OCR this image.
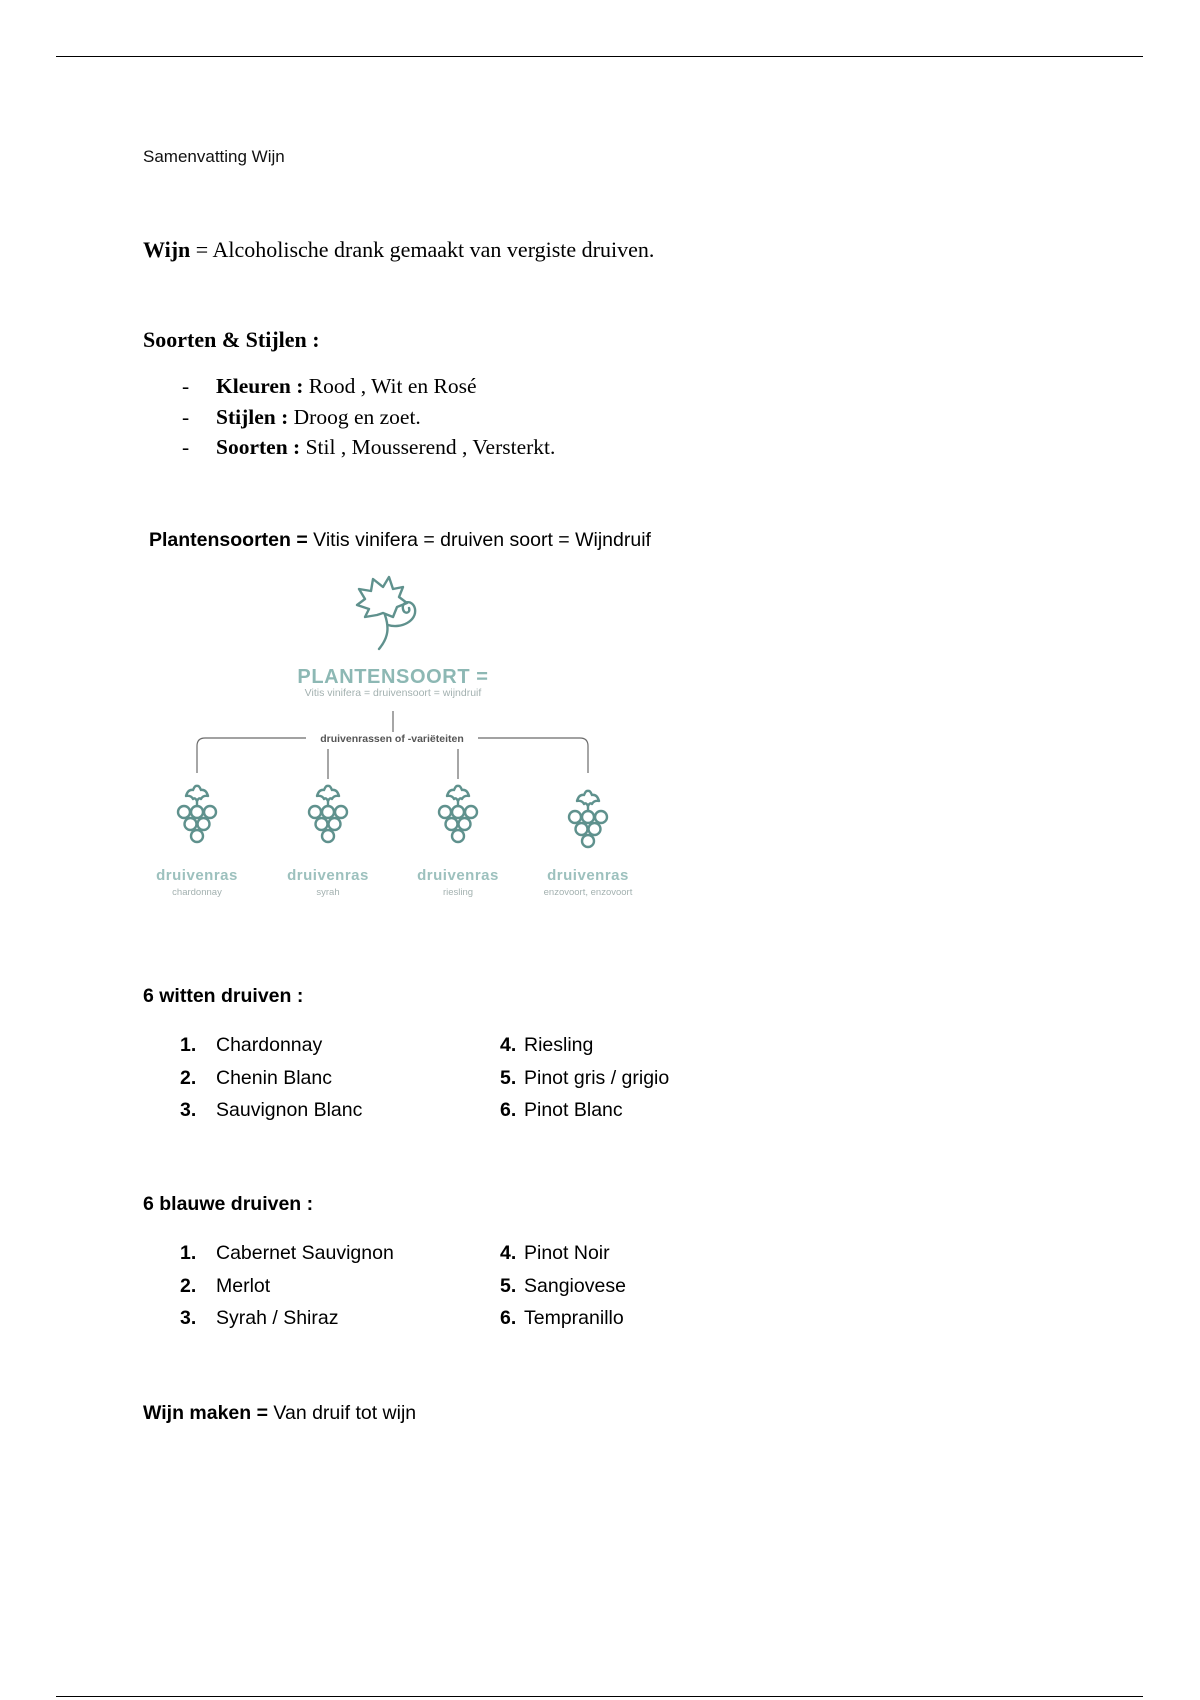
Samenvatting Wijn
Wijn = Alcoholische drank gemaakt van vergiste druiven.
Soorten & Stijlen :
- Kleuren : Rood , Wit en Rosé
- Stijlen : Droog en zoet.
- Soorten : Stil , Mousserend , Versterkt.
Plantensoorten = Vitis vinifera = druiven soort = Wijndruif
PLANTENSOORT =
Vitis vinifera = druivensoort = wijndruif
druivenrassen of -variëteiten
druivenras	druivenras	druivenras	druivenras
chardonnay	syrah	riesling	enzovoort, enzovoort
6 witten druiven :
1. Chardonnay
2. Chenin Blanc
3. Sauvignon Blanc
4. Riesling
5. Pinot gris / grigio
6. Pinot Blanc
6 blauwe druiven :
1. Cabernet Sauvignon
2. Merlot
3. Syrah / Shiraz
4. Pinot Noir
5. Sangiovese
6. Tempranillo
Wijn maken = Van druif tot wijn
